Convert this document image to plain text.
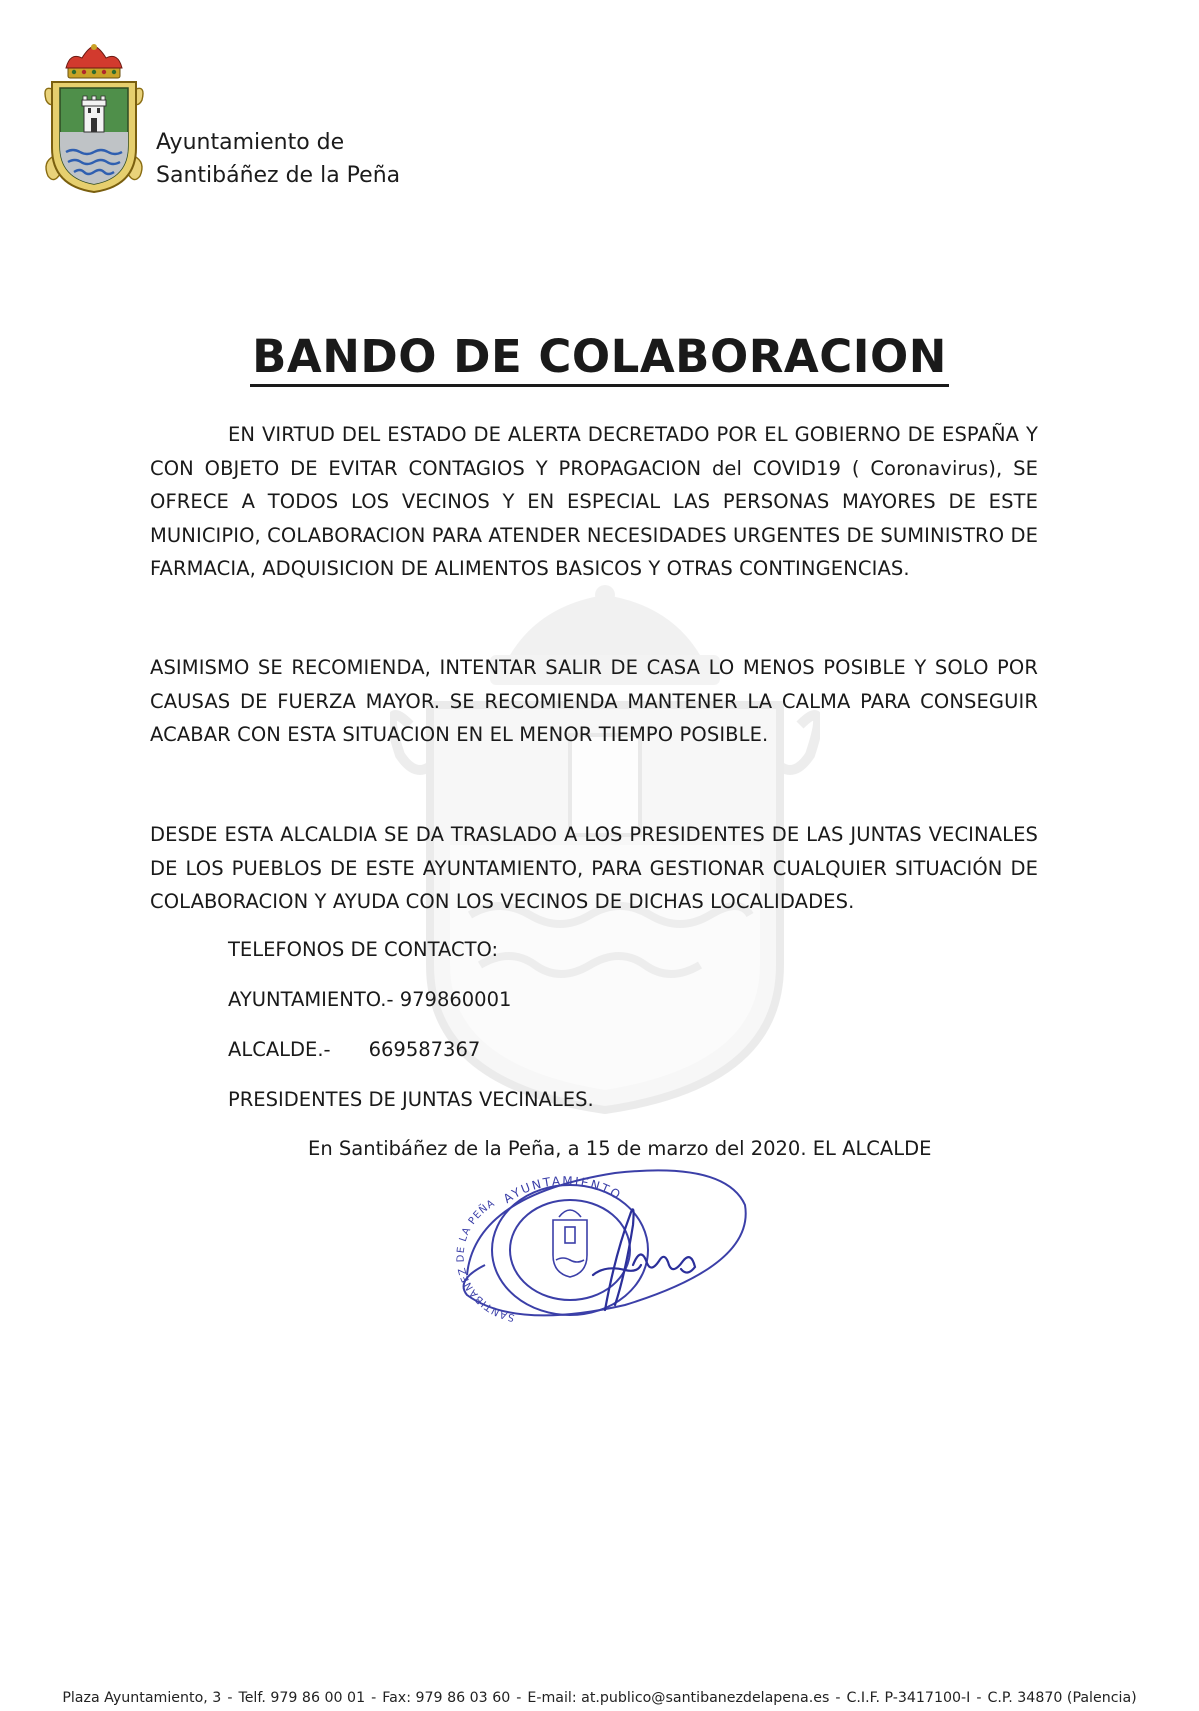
Ayuntamiento de
Santibáñez de la Peña
BANDO DE COLABORACION
EN VIRTUD DEL ESTADO DE ALERTA DECRETADO POR EL GOBIERNO DE ESPAÑA Y CON OBJETO DE EVITAR CONTAGIOS Y PROPAGACION del COVID19 ( Coronavirus), SE OFRECE A TODOS LOS VECINOS Y EN ESPECIAL LAS PERSONAS MAYORES DE ESTE MUNICIPIO, COLABORACION PARA ATENDER NECESIDADES URGENTES DE SUMINISTRO DE FARMACIA, ADQUISICION DE ALIMENTOS BASICOS Y OTRAS CONTINGENCIAS.
ASIMISMO SE RECOMIENDA, INTENTAR SALIR DE CASA LO MENOS POSIBLE Y SOLO POR CAUSAS DE FUERZA MAYOR. SE RECOMIENDA MANTENER LA CALMA PARA CONSEGUIR ACABAR CON ESTA SITUACION EN EL MENOR TIEMPO POSIBLE.
DESDE ESTA ALCALDIA SE DA TRASLADO A LOS PRESIDENTES DE LAS JUNTAS VECINALES DE LOS PUEBLOS DE ESTE AYUNTAMIENTO, PARA GESTIONAR CUALQUIER SITUACIÓN DE COLABORACION Y AYUDA CON LOS VECINOS DE DICHAS LOCALIDADES.
TELEFONOS DE CONTACTO:
AYUNTAMIENTO.- 979860001
ALCALDE.- 669587367
PRESIDENTES DE JUNTAS VECINALES.
En Santibáñez de la Peña, a 15 de marzo del 2020. EL ALCALDE
AYUNTAMIENTO
SANTIBÁÑEZ DE LA PEÑA
Plaza Ayuntamiento, 3 - Telf. 979 86 00 01 - Fax: 979 86 03 60 - E-mail: at.publico@santibanezdelapena.es - C.I.F. P-3417100-I - C.P. 34870 (Palencia)
